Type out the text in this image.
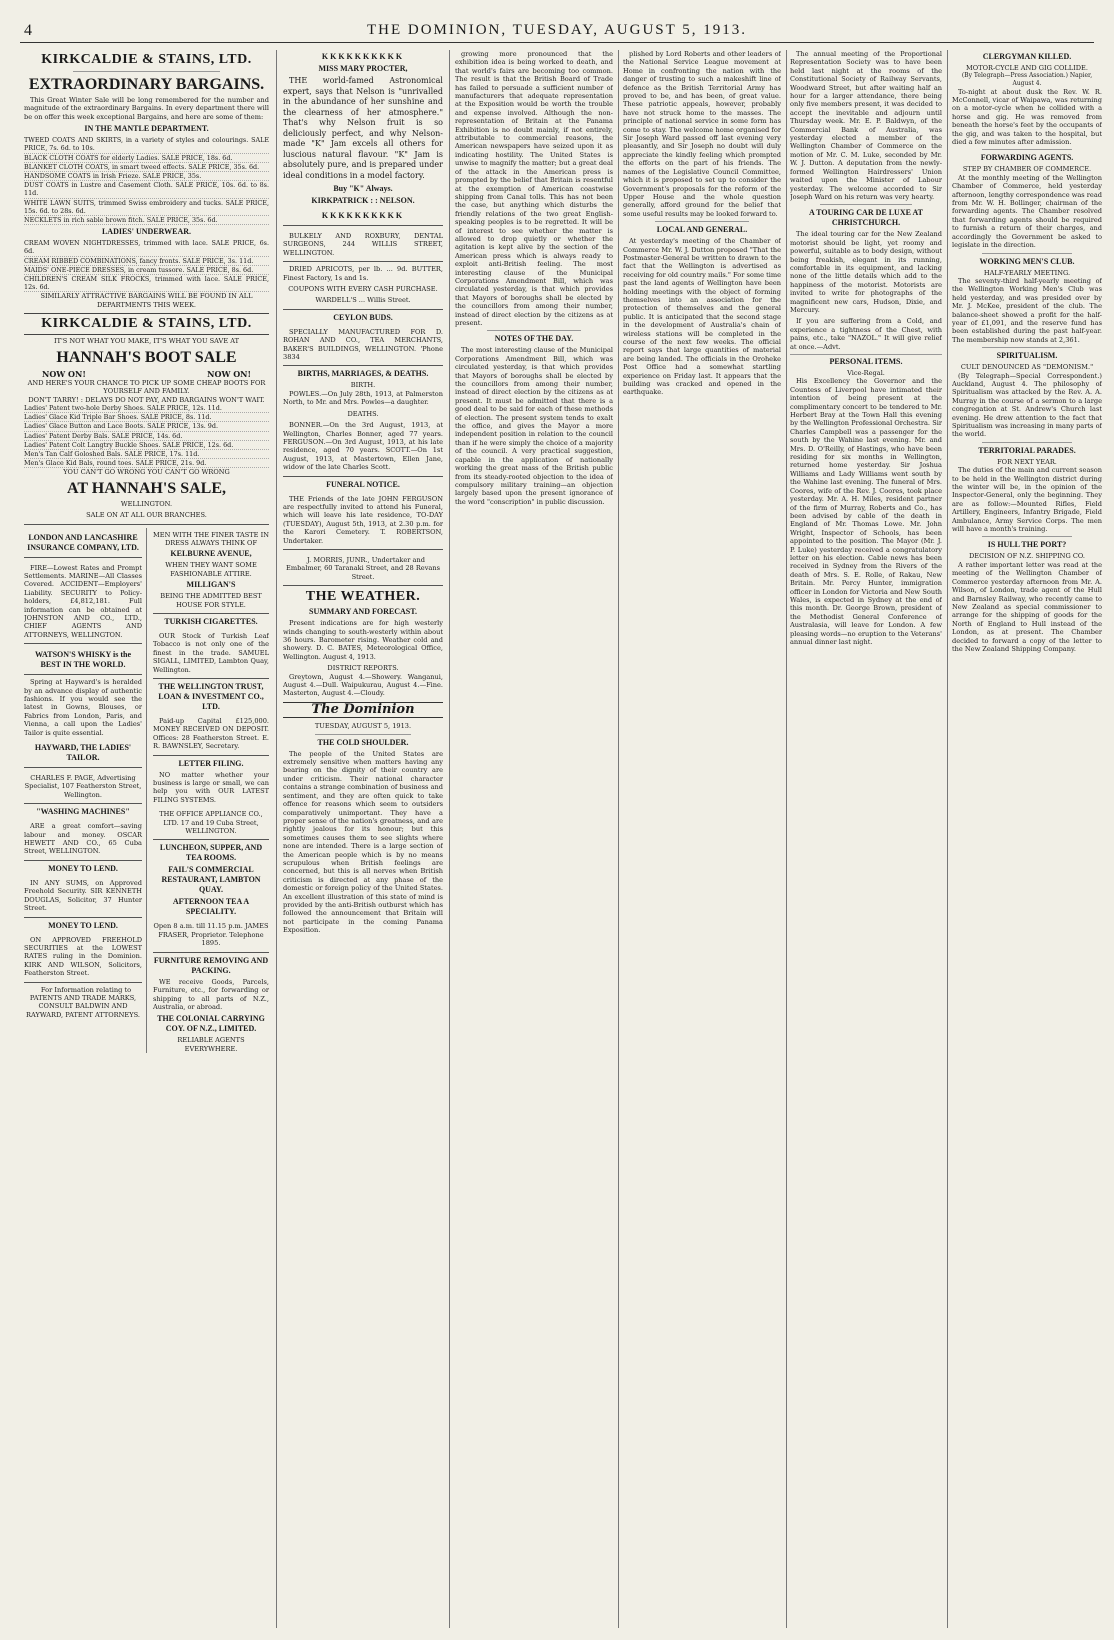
4	THE DOMINION, TUESDAY, AUGUST 5, 1913.
KIRKCALDIE & STAINS, LTD.
EXTRAORDINARY BARGAINS.

This Great Winter Sale will be long remembered for the number and magnitude of the extraordinary Bargains. In every department there will be on offer this week exceptional Bargains, and here are some of them:

IN THE MANTLE DEPARTMENT.
TWEED COATS AND SKIRTS, in a variety of styles and colourings. SALE PRICE, 7s. 6d. to 10s.
BLACK CLOTH COATS for elderly Ladies. SALE PRICE, 18s. 6d.
BLANKET CLOTH COATS, in smart tweed effects. SALE PRICE, 35s. 6d.
HANDSOME COATS in Irish Frieze. SALE PRICE, 35s.
DUST COATS in Lustre and Casement Cloth. SALE PRICE, 10s. 6d. to 8s. 11d.
WHITE LAWN SUITS, trimmed Swiss embroidery and tucks. SALE PRICE, 15s. 6d. to 28s. 6d.
NECKLETS in rich sable brown fitch. SALE PRICE, 35s. 6d.
LADIES' UNDERWEAR.
CREAM WOVEN NIGHTDRESSES, trimmed with lace. SALE PRICE, 6s. 6d.
CREAM RIBBED COMBINATIONS, fancy fronts. SALE PRICE, 3s. 11d.
MAIDS' ONE-PIECE DRESSES, in cream tussore. SALE PRICE, 8s. 6d.
CHILDREN'S CREAM SILK FROCKS, trimmed with lace. SALE PRICE, 12s. 6d.
SIMILARLY ATTRACTIVE BARGAINS WILL BE FOUND IN ALL DEPARTMENTS THIS WEEK.
KIRKCALDIE & STAINS, LTD.
IT'S NOT WHAT YOU MAKE, IT'S WHAT YOU SAVE AT
HANNAH'S BOOT SALE
NOW ON!	NOW ON!
AND HERE'S YOUR CHANCE TO PICK UP SOME CHEAP BOOTS FOR YOURSELF AND FAMILY.
DON'T TARRY! : DELAYS DO NOT PAY, AND BARGAINS WON'T WAIT.
Ladies' Patent two-hole Derby Shoes. SALE PRICE, 12s. 11d.
Ladies' Glace Kid Triple Bar Shoes. SALE PRICE, 8s. 11d.
Ladies' Glace Button and Lace Boots. SALE PRICE, 13s. 9d.
Ladies' Patent Derby Bals. SALE PRICE, 14s. 6d.
Ladies' Patent Colt Langtry Buckle Shoes. SALE PRICE, 12s. 6d.
Men's Tan Calf Goloshed Bals. SALE PRICE, 17s. 11d.
Men's Glace Kid Bals, round toes. SALE PRICE, 21s. 9d.
YOU CAN'T GO WRONG YOU CAN'T GO WRONG
AT HANNAH'S SALE,
WELLINGTON.
SALE ON AT ALL OUR BRANCHES.
LONDON AND LANCASHIRE INSURANCE COMPANY, LTD.

FIRE—Lowest Rates and Prompt Settlements. MARINE—All Classes Covered. ACCIDENT—Employers' Liability. SECURITY to Policy-holders, £4,812,181. Full information can be obtained at JOHNSTON AND CO., LTD., CHIEF AGENTS AND ATTORNEYS, WELLINGTON.

WATSON'S WHISKY is the BEST IN THE WORLD.

Spring at Hayward's is heralded by an advance display of authentic fashions. If you would see the latest in Gowns, Blouses, or Fabrics from London, Paris, and Vienna, a call upon the Ladies' Tailor is quite essential.

HAYWARD, THE LADIES' TAILOR.
CHARLES F. PAGE, Advertising Specialist, 107 Featherston Street, Wellington.
"WASHING MACHINES"

ARE a great comfort—saving labour and money. OSCAR HEWETT AND CO., 65 Cuba Street, WELLINGTON.

MONEY TO LEND.

IN ANY SUMS, on Approved Freehold Security. SIR KENNETH DOUGLAS, Solicitor, 37 Hunter Street.

MONEY TO LEND.

ON APPROVED FREEHOLD SECURITIES at the LOWEST RATES ruling in the Dominion. KIRK AND WILSON, Solicitors, Featherston Street.

For Information relating to PATENTS AND TRADE MARKS, CONSULT BALDWIN AND RAYWARD, PATENT ATTORNEYS.

MEN WITH THE FINER TASTE IN DRESS ALWAYS THINK OF
KELBURNE AVENUE,
WHEN THEY WANT SOME FASHIONABLE ATTIRE.
MILLIGAN'S
BEING THE ADMITTED BEST HOUSE FOR STYLE.
TURKISH CIGARETTES.

OUR Stock of Turkish Leaf Tobacco is not only one of the finest in the trade. SAMUEL SIGALL, LIMITED, Lambton Quay, Wellington.

THE WELLINGTON TRUST, LOAN & INVESTMENT CO., LTD.

Paid-up Capital £125,000. MONEY RECEIVED ON DEPOSIT. Offices: 28 Featherston Street. E. R. BAWNSLEY, Secretary.

LETTER FILING.

NO matter whether your business is large or small, we can help you with OUR LATEST FILING SYSTEMS.

THE OFFICE APPLIANCE CO., LTD. 17 and 19 Cuba Street, WELLINGTON.
LUNCHEON, SUPPER, AND TEA ROOMS.
FAIL'S COMMERCIAL RESTAURANT, LAMBTON QUAY.
AFTERNOON TEA A SPECIALITY.
Open 8 a.m. till 11.15 p.m. JAMES FRASER, Proprietor. Telephone 1895.
FURNITURE REMOVING AND PACKING.

WE receive Goods, Parcels, Furniture, etc., for forwarding or shipping to all parts of N.Z., Australia, or abroad.

THE COLONIAL CARRYING COY. OF N.Z., LIMITED.
RELIABLE AGENTS EVERYWHERE.
KKKKKKKKKK
MISS MARY PROCTER,

THE world-famed Astronomical expert, says that Nelson is "unrivalled in the abundance of her sunshine and the clearness of her atmosphere." That's why Nelson fruit is so deliciously perfect, and why Nelson-made "K" Jam excels all others for luscious natural flavour. "K" Jam is absolutely pure, and is prepared under ideal conditions in a model factory.

Buy "K" Always.
KIRKPATRICK : : NELSON.
KKKKKKKKKK

BULKELY AND ROXBURY, DENTAL SURGEONS, 244 WILLIS STREET, WELLINGTON.

DRIED APRICOTS, per lb. ... 9d. BUTTER, Finest Factory, 1s and 1s.

COUPONS WITH EVERY CASH PURCHASE.
WARDELL'S ... Willis Street.
CEYLON BUDS.

SPECIALLY MANUFACTURED FOR D. ROHAN AND CO., TEA MERCHANTS, BAKER'S BUILDINGS, WELLINGTON. 'Phone 3834

BIRTHS, MARRIAGES, & DEATHS.
BIRTH.

POWLES.—On July 28th, 1913, at Palmerston North, to Mr. and Mrs. Powles—a daughter.

DEATHS.

BONNER.—On the 3rd August, 1913, at Wellington, Charles Bonner, aged 77 years. FERGUSON.—On 3rd August, 1913, at his late residence, aged 70 years. SCOTT.—On 1st August, 1913, at Mastertown, Ellen Jane, widow of the late Charles Scott.

FUNERAL NOTICE.

THE Friends of the late JOHN FERGUSON are respectfully invited to attend his Funeral, which will leave his late residence, TO-DAY (TUESDAY), August 5th, 1913, at 2.30 p.m. for the Karori Cemetery. T. ROBERTSON, Undertaker.

J. MORRIS, JUNR., Undertaker and Embalmer, 60 Taranaki Street, and 28 Revans Street.

THE WEATHER.
SUMMARY AND FORECAST.

Present indications are for high westerly winds changing to south-westerly within about 36 hours. Barometer rising. Weather cold and showery. D. C. BATES, Meteorological Office, Wellington. August 4, 1913.

DISTRICT REPORTS.

Greytown, August 4.—Showery. Wanganui, August 4.—Dull. Waipukurau, August 4.—Fine. Masterton, August 4.—Cloudy.

The Dominion
TUESDAY, AUGUST 5, 1913.
THE COLD SHOULDER.

The people of the United States are extremely sensitive when matters having any bearing on the dignity of their country are under criticism. Their national character contains a strange combination of business and sentiment, and they are often quick to take offence for reasons which seem to outsiders comparatively unimportant. They have a proper sense of the nation's greatness, and are rightly jealous for its honour; but this sometimes causes them to see slights where none are intended. There is a large section of the American people which is by no means scrupulous when British feelings are concerned, but this is all nerves when British criticism is directed at any phase of the domestic or foreign policy of the United States. An excellent illustration of this state of mind is provided by the anti-British outburst which has followed the announcement that Britain will not participate in the coming Panama Exposition.

growing more pronounced that the exhibition idea is being worked to death, and that world's fairs are becoming too common. The result is that the British Board of Trade has failed to persuade a sufficient number of manufacturers that adequate representation at the Exposition would be worth the trouble and expense involved. Although the non-representation of Britain at the Panama Exhibition is no doubt mainly, if not entirely, attributable to commercial reasons, the American newspapers have seized upon it as indicating hostility. The United States is unwise to magnify the matter; but a great deal of the attack in the American press is prompted by the belief that Britain is resentful at the exemption of American coastwise shipping from Canal tolls. This has not been the case, but anything which disturbs the friendly relations of the two great English-speaking peoples is to be regretted. It will be of interest to see whether the matter is allowed to drop quietly or whether the agitation is kept alive by the section of the American press which is always ready to exploit anti-British feeling. The most interesting clause of the Municipal Corporations Amendment Bill, which was circulated yesterday, is that which provides that Mayors of boroughs shall be elected by the councillors from among their number, instead of direct election by the citizens as at present.

NOTES OF THE DAY.

The most interesting clause of the Municipal Corporations Amendment Bill, which was circulated yesterday, is that which provides that Mayors of boroughs shall be elected by the councillors from among their number, instead of direct election by the citizens as at present. It must be admitted that there is a good deal to be said for each of these methods of election. The present system tends to exalt the office, and gives the Mayor a more independent position in relation to the council than if he were simply the choice of a majority of the council. A very practical suggestion, capable in the application of nationally working the great mass of the British public from its steady-rooted objection to the idea of compulsory military training—an objection largely based upon the present ignorance of the word "conscription" in public discussion.

plished by Lord Roberts and other leaders of the National Service League movement at Home in confronting the nation with the danger of trusting to such a makeshift line of defence as the British Territorial Army has proved to be, and has been, of great value. These patriotic appeals, however, probably have not struck home to the masses. The principle of national service in some form has come to stay. The welcome home organised for Sir Joseph Ward passed off last evening very pleasantly, and Sir Joseph no doubt will duly appreciate the kindly feeling which prompted the efforts on the part of his friends. The names of the Legislative Council Committee, which it is proposed to set up to consider the Government's proposals for the reform of the Upper House and the whole question generally, afford ground for the belief that some useful results may be looked forward to.

LOCAL AND GENERAL.

At yesterday's meeting of the Chamber of Commerce Mr. W. J. Dutton proposed "That the Postmaster-General be written to drawn to the fact that the Wellington is advertised as receiving for old country mails." For some time past the land agents of Wellington have been holding meetings with the object of forming themselves into an association for the protection of themselves and the general public. It is anticipated that the second stage in the development of Australia's chain of wireless stations will be completed in the course of the next few weeks. The official report says that large quantities of material are being landed. The officials in the Oroheke Post Office had a somewhat startling experience on Friday last. It appears that the building was cracked and opened in the earthquake.

The annual meeting of the Proportional Representation Society was to have been held last night at the rooms of the Constitutional Society of Railway Servants, Woodward Street, but after waiting half an hour for a larger attendance, there being only five members present, it was decided to accept the inevitable and adjourn until Thursday week. Mr. E. P. Baldwyn, of the Commercial Bank of Australia, was yesterday elected a member of the Wellington Chamber of Commerce on the motion of Mr. C. M. Luke, seconded by Mr. W. J. Dutton. A deputation from the newly-formed Wellington Hairdressers' Union waited upon the Minister of Labour yesterday. The welcome accorded to Sir Joseph Ward on his return was very hearty.

A TOURING CAR DE LUXE AT CHRISTCHURCH.

The ideal touring car for the New Zealand motorist should be light, yet roomy and powerful, suitable as to body design, without being freakish, elegant in its running, comfortable in its equipment, and lacking none of the little details which add to the happiness of the motorist. Motorists are invited to write for photographs of the magnificent new cars, Hudson, Dixie, and Mercury.

If you are suffering from a Cold, and experience a tightness of the Chest, with pains, etc., take "NAZOL." It will give relief at once.—Advt.

PERSONAL ITEMS.
Vice-Regal.

His Excellency the Governor and the Countess of Liverpool have intimated their intention of being present at the complimentary concert to be tendered to Mr. Herbert Bray at the Town Hall this evening by the Wellington Professional Orchestra. Sir Charles Campbell was a passenger for the south by the Wahine last evening. Mr. and Mrs. D. O'Reilly, of Hastings, who have been residing for six months in Wellington, returned home yesterday. Sir Joshua Williams and Lady Williams went south by the Wahine last evening. The funeral of Mrs. Coores, wife of the Rev. J. Coores, took place yesterday. Mr. A. H. Miles, resident partner of the firm of Murray, Roberts and Co., has been advised by cable of the death in England of Mr. Thomas Lowe. Mr. John Wright, Inspector of Schools, has been appointed to the position. The Mayor (Mr. J. P. Luke) yesterday received a congratulatory letter on his election. Cable news has been received in Sydney from the Rivers of the death of Mrs. S. E. Rolle, of Rakau, New Britain. Mr. Percy Hunter, immigration officer in London for Victoria and New South Wales, is expected in Sydney at the end of this month. Dr. George Brown, president of the Methodist General Conference of Australasia, will leave for London. A few pleasing words—no eruption to the Veterans' annual dinner last night.

CLERGYMAN KILLED.
MOTOR-CYCLE AND GIG COLLIDE.
(By Telegraph—Press Association.) Napier, August 4.

To-night at about dusk the Rev. W. R. McConnell, vicar of Waipawa, was returning on a motor-cycle when he collided with a horse and gig. He was removed from beneath the horse's feet by the occupants of the gig, and was taken to the hospital, but died a few minutes after admission.

FORWARDING AGENTS.
STEP BY CHAMBER OF COMMERCE.

At the monthly meeting of the Wellington Chamber of Commerce, held yesterday afternoon, lengthy correspondence was read from Mr. W. H. Bollinger, chairman of the forwarding agents. The Chamber resolved that forwarding agents should be required to furnish a return of their charges, and accordingly the Government be asked to legislate in the direction.

WORKING MEN'S CLUB.
HALF-YEARLY MEETING.

The seventy-third half-yearly meeting of the Wellington Working Men's Club was held yesterday, and was presided over by Mr. J. McKee, president of the club. The balance-sheet showed a profit for the half-year of £1,091, and the reserve fund has been established during the past half-year. The membership now stands at 2,361.

SPIRITUALISM.
CULT DENOUNCED AS "DEMONISM."

(By Telegraph—Special Correspondent.) Auckland, August 4. The philosophy of Spiritualism was attacked by the Rev. A. A. Murray in the course of a sermon to a large congregation at St. Andrew's Church last evening. He drew attention to the fact that Spiritualism was increasing in many parts of the world.

TERRITORIAL PARADES.
FOR NEXT YEAR.

The duties of the main and current season to be held in the Wellington district during the winter will be, in the opinion of the Inspector-General, only the beginning. They are as follow:—Mounted Rifles, Field Artillery, Engineers, Infantry Brigade, Field Ambulance, Army Service Corps. The men will have a month's training.

IS HULL THE PORT?
DECISION OF N.Z. SHIPPING CO.

A rather important letter was read at the meeting of the Wellington Chamber of Commerce yesterday afternoon from Mr. A. Wilson, of London, trade agent of the Hull and Barnsley Railway, who recently came to New Zealand as special commissioner to arrange for the shipping of goods for the North of England to Hull instead of the London, as at present. The Chamber decided to forward a copy of the letter to the New Zealand Shipping Company.
